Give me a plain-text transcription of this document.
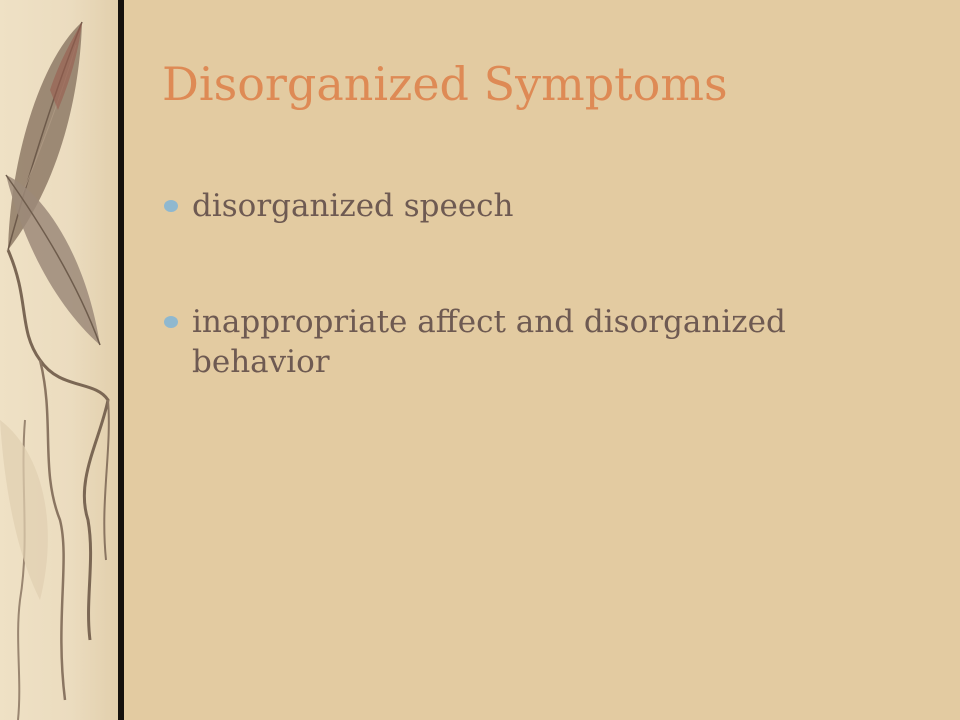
Disorganized Symptoms
disorganized speech
inappropriate affect and disorganized behavior
